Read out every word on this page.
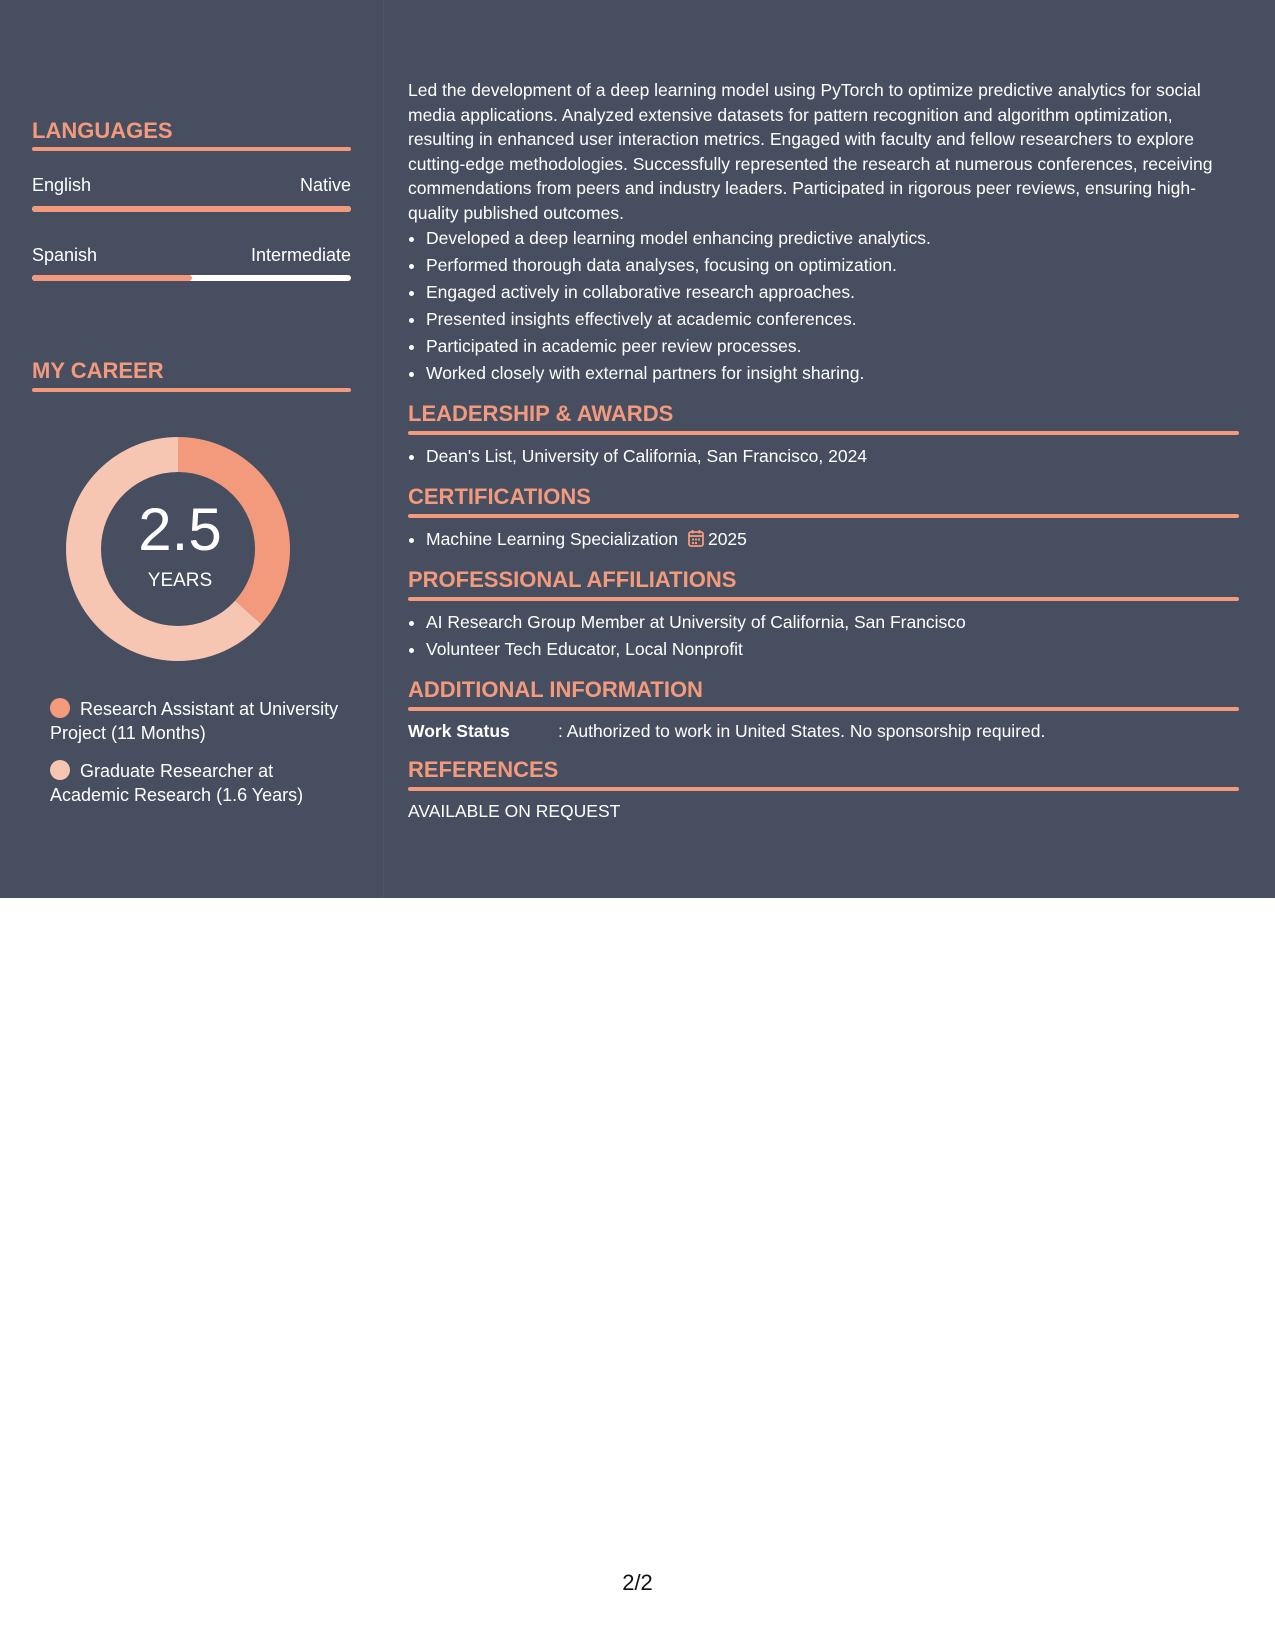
LANGUAGES
English	Native
Spanish	Intermediate
MY CAREER
2.5
YEARS
Research Assistant at University Project (11 Months)
Graduate Researcher at Academic Research (1.6 Years)

Led the development of a deep learning model using PyTorch to optimize predictive analytics for social media applications. Analyzed extensive datasets for pattern recognition and algorithm optimization, resulting in enhanced user interaction metrics. Engaged with faculty and fellow researchers to explore cutting-edge methodologies. Successfully represented the research at numerous conferences, receiving commendations from peers and industry leaders. Participated in rigorous peer reviews, ensuring high-quality published outcomes.

• Developed a deep learning model enhancing predictive analytics.
• Performed thorough data analyses, focusing on optimization.
• Engaged actively in collaborative research approaches.
• Presented insights effectively at academic conferences.
• Participated in academic peer review processes.
• Worked closely with external partners for insight sharing.
LEADERSHIP & AWARDS
• Dean's List, University of California, San Francisco, 2024
CERTIFICATIONS
• Machine Learning Specialization 2025
PROFESSIONAL AFFILIATIONS
• AI Research Group Member at University of California, San Francisco
• Volunteer Tech Educator, Local Nonprofit
ADDITIONAL INFORMATION
Work Status	: Authorized to work in United States. No sponsorship required.
REFERENCES
AVAILABLE ON REQUEST
2/2
